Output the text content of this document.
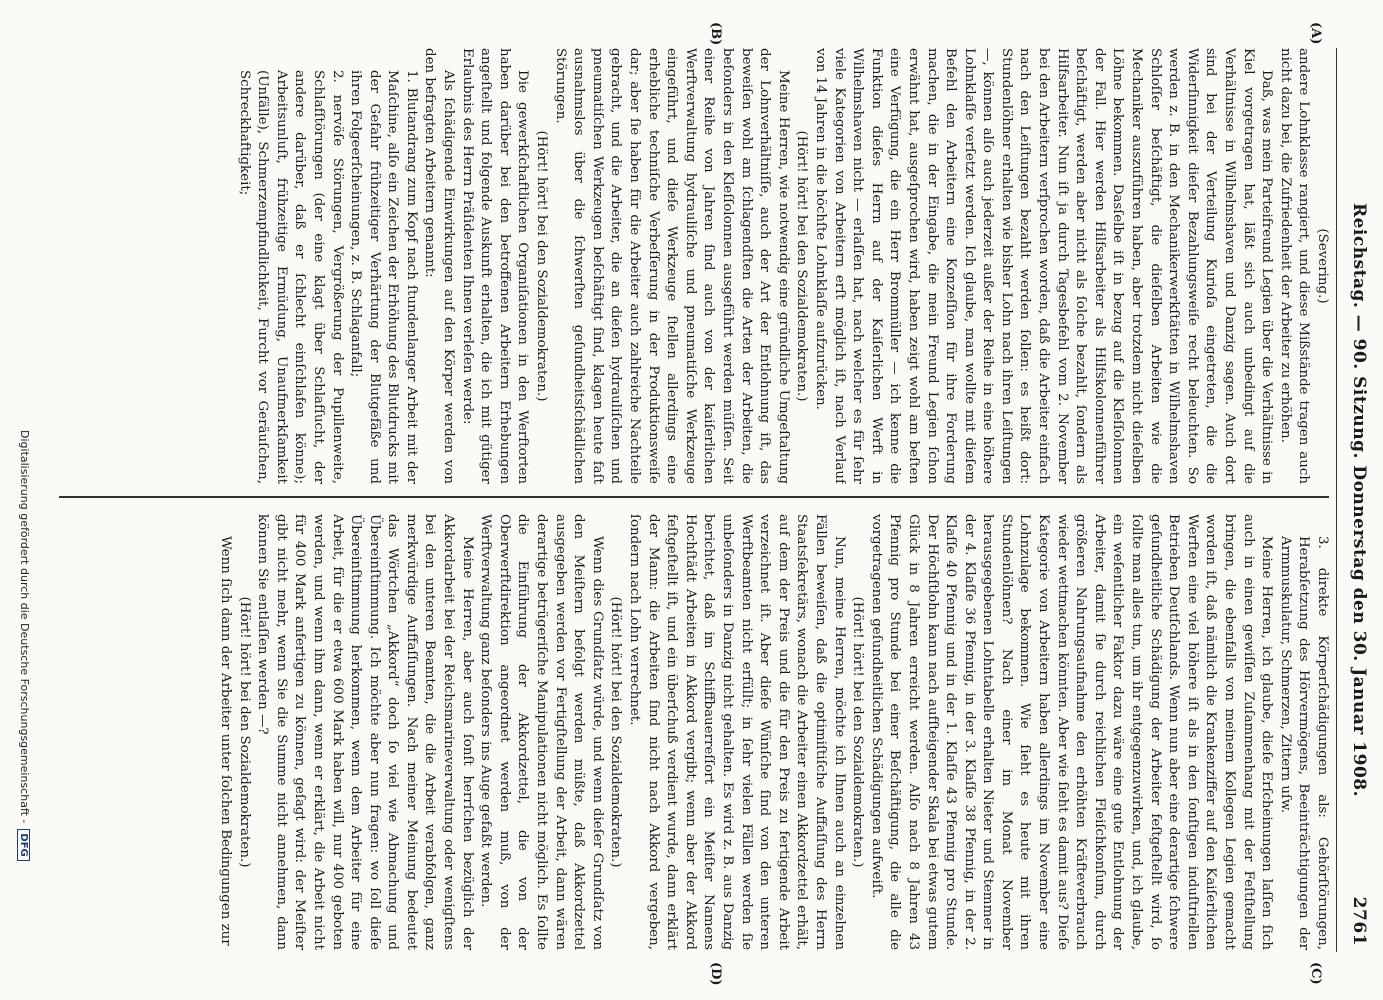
Reichstag. — 90. Sitzung. Donnerstag den 30. Januar 1908.
2761

(Severing.)

andere Lohnklasse rangiert, und diese Mißstände tragen auch nicht dazu bei, die Zufriedenheit der Arbeiter zu erhöhen.

Daß, was mein Parteifreund Legien über die Verhältnisse in Kiel vorgetragen hat, läßt sich auch unbedingt auf die Verhältnisse in Wilhelmshaven und Danzig sagen. Auch dort sind bei der Verteilung Kurioſa eingetreten, die die Widerſinnigkeit dieſer Bezahlungsweiſe recht beleuchten. So werden z. B. in den Mechanikerwerkſtätten in Wilhelmshaven Schloſſer beſchäftigt, die dieſelben Arbeiten wie die Mechaniker auszuführen haben, aber trotzdem nicht dieſelben Löhne bekommen. Dasſelbe iſt in bezug auf die Kleſſolonnen der Fall. Hier werden Hilfsarbeiter als Hilfskolonnenführer beſchäftigt, werden aber nicht als ſolche bezahlt, ſondern als Hilfsarbeiter. Nun iſt ja durch Tagesbefehl vom 2. November bei den Arbeitern verſprochen worden, daß die Arbeiter einfach nach den Leiſtungen bezahlt werden ſollen: es heißt dort: Stundenlöhner erhalten wie bisher Lohn nach ihren Leiſtungen —, können alſo auch jederzeit außer der Reihe in eine höhere Lohnklaſſe verſetzt werden. Ich glaube, man wollte mit dieſem Befehl den Arbeitern eine Konzeſſion für ihre Forderung machen, die in der Eingabe, die mein Freund Legien ſchon erwähnt hat, ausgeſprochen wird, haben zeigt wohl am beſten eine Verfügung, die ein Herr Brommüller — ich kenne die Funktion dieſes Herrn auf der Kaiſerlichen Werft in Wilhelmshaven nicht — erlaſſen hat, nach welcher es für ſehr viele Kategorien von Arbeitern erſt möglich iſt, nach Verlauf von 14 Jahren in die höchſte Lohnklaſſe aufzurücken.

(Hört! hört! bei den Sozialdemokraten.)

Meine Herren, wie notwendig eine gründliche Umgeſtaltung der Lohnverhältniſſe, auch der Art der Entlohnung iſt, das beweiſen wohl am ſchlagendſten die Arten der Arbeiten, die beſonders in den Kleſſolonnen ausgeführt werden müſſen. Seit einer Reihe von Jahren ſind auch von der kaiſerlichen Werftverwaltung hydrauliſche und pneumatiſche Werkzeuge eingeführt, und dieſe Werkzeuge ſtellen allerdings eine erhebliche techniſche Verbeſſerung in der Produktionsweiſe dar; aber ſie haben für die Arbeiter auch zahlreiche Nachteile gebracht, und die Arbeiter, die an dieſen hydrauliſchen und pneumatiſchen Werkzeugen beſchäftigt ſind, klagen heute faſt ausnahmslos über die ſchwerſten geſundheitsſchädlichen Störungen.

(Hört! hört! bei den Sozialdemokraten.)

Die gewerkſchaftlichen Organiſationen in den Werftorten haben darüber bei den betroffenen Arbeitern Erhebungen angeſtellt und folgende Auskunft erhalten, die ich mit gütiger Erlaubnis des Herrn Präſidenten Ihnen verleſen werde:

Als ſchädigende Einwirkungen auf den Körper werden von den befragten Arbeitern genannt:

1. Blutandrang zum Kopf nach ſtundenlanger Arbeit mit der Maſchine, alſo ein Zeichen der Erhöhung des Blutdrucks mit der Gefahr frühzeitiger Verhärtung der Blutgefäße und ihren Folgeerſcheinungen, z. B. Schlaganfall;

2. nervöſe Störungen, Vergrößerung der Pupillenweite, Schlafſtörungen (der eine klagt über Schlafſucht, der andere darüber, daß er ſchlecht einſchlafen könne); Arbeitsunluſt, frühzeitige Ermüdung, Unaufmerkſamkeit (Unfälle), Schmerzempfindlichkeit, Furcht vor Geräuſchen, Schreckhaftigkeit;

3. direkte Körperſchädigungen als: Gehörſtörungen, Herabſetzung des Hörvermögens, Beeinträchtigungen der Armmuskulatur, Schmerzen, Zittern uſw.

Meine Herren, ich glaube, dieſe Erſcheinungen laſſen ſich auch in einen gewiſſen Zuſammenhang mit der Feſtſtellung bringen, die ebenfalls von meinem Kollegen Legien gemacht worden iſt, daß nämlich die Krankenziffer auf den Kaiſerlichen Werften eine viel höhere iſt als in den ſonſtigen induſtriellen Betrieben Deutſchlands. Wenn nun aber eine derartige ſchwere geſundheitliche Schädigung der Arbeiter feſtgeſtellt wird, ſo ſollte man alles tun, um ihr entgegenzuwirken, und, ich glaube, ein weſentlicher Faktor dazu wäre eine gute Entlohnung der Arbeiter, damit ſie durch reichlichen Fleiſchkonſum, durch größeren Nahrungsaufnahme den erhöhten Kräfteverbrauch wieder wettmachen könnten. Aber wie ſieht es damit aus? Dieſe Kategorie von Arbeitern haben allerdings im November eine Lohnzulage bekommen. Wie ſieht es heute mit ihren Stundenlöhnen? Nach einer im Monat November herausgegebenen Lohntabelle erhalten Nieter und Stemmer in der 4. Klaſſe 36 Pfennig, in der 3. Klaſſe 38 Pfennig, in der 2. Klaſſe 40 Pfennig und in der 1. Klaſſe 43 Pfennig pro Stunde. Der Höchſtlohn kann nach aufſteigender Skala bei etwas gutem Glück in 8 Jahren erreicht werden. Alſo nach 8 Jahren 43 Pfennig pro Stunde bei einer Beſchäftigung, die alle die vorgetragenen geſundheitlichen Schädigungen aufweiſt.

(Hört! hört! bei den Sozialdemokraten.)

Nun, meine Herren, möchte ich Ihnen auch an einzelnen Fällen beweiſen, daß die optimiſtiſche Auffaſſung des Herrn Staatsſekretärs, wonach die Arbeiter einen Akkordzettel erhält, auf dem der Preis und die für den Preis zu fertigende Arbeit verzeichnet iſt. Aber dieſe Wünſche ſind von den unteren Werftbeamten nicht erfüllt; in ſehr vielen Fällen werden ſie unbeſonders in Danzig nicht gehalten. Es wird z. B. aus Danzig berichtet, daß im Schiffbauerreſſort ein Meiſter Namens Hochſtädt Arbeiten in Akkord vergibt; wenn aber der Akkord feſtgeſtellt iſt, und ein überſchuß verdient wurde, dann erklärt der Mann: die Arbeiten ſind nicht nach Akkord vergeben, ſondern nach Lohn verrechnet.

(Hört! hört! bei den Sozialdemokraten.)

Wenn dies Grundſatz würde, und wenn dieſer Grundſatz von den Meiſtern befolgt werden müßte, daß Akkordzettel ausgegeben werden vor Fertigſtellung der Arbeit, dann wären derartige betrügeriſche Manipulationen nicht möglich. Es ſollte die Einführung der Akkordzettel, die von der Oberwerftdirektion angeordnet werden muß, von der Werftverwaltung ganz beſonders ins Auge gefaßt werden.

Meine Herren, aber auch ſonſt herrſchen bezüglich der Akkordarbeit bei der Reichsmarineverwaltung oder wenigſtens bei den unteren Beamten, die die Arbeit verabfolgen, ganz merkwürdige Auffaſſungen. Nach meiner Meinung bedeutet das Wörtchen „Akkord“ doch ſo viel wie Abmachung und Übereinſtimmung. Ich möchte aber nun fragen: wo ſoll dieſe Übereinſtimmung herkommen, wenn dem Arbeiter für eine Arbeit, für die er etwa 600 Mark haben will, nur 400 geboten werden, und wenn ihm dann, wenn er erklärt, die Arbeit nicht für 400 Mark anfertigen zu können, geſagt wird: der Meiſter gibt nicht mehr, wenn Sie die Summe nicht annehmen, dann können Sie entlaſſen werden —?

(Hört! hört! bei den Sozialdemokraten.)

Wenn ſich dann der Arbeiter unter ſolchen Bedingungen zur

(A)
(B)
(C)
(D)
Digitalisierung gefördert durch die Deutsche Forschungsgemeinschaft -DFG
